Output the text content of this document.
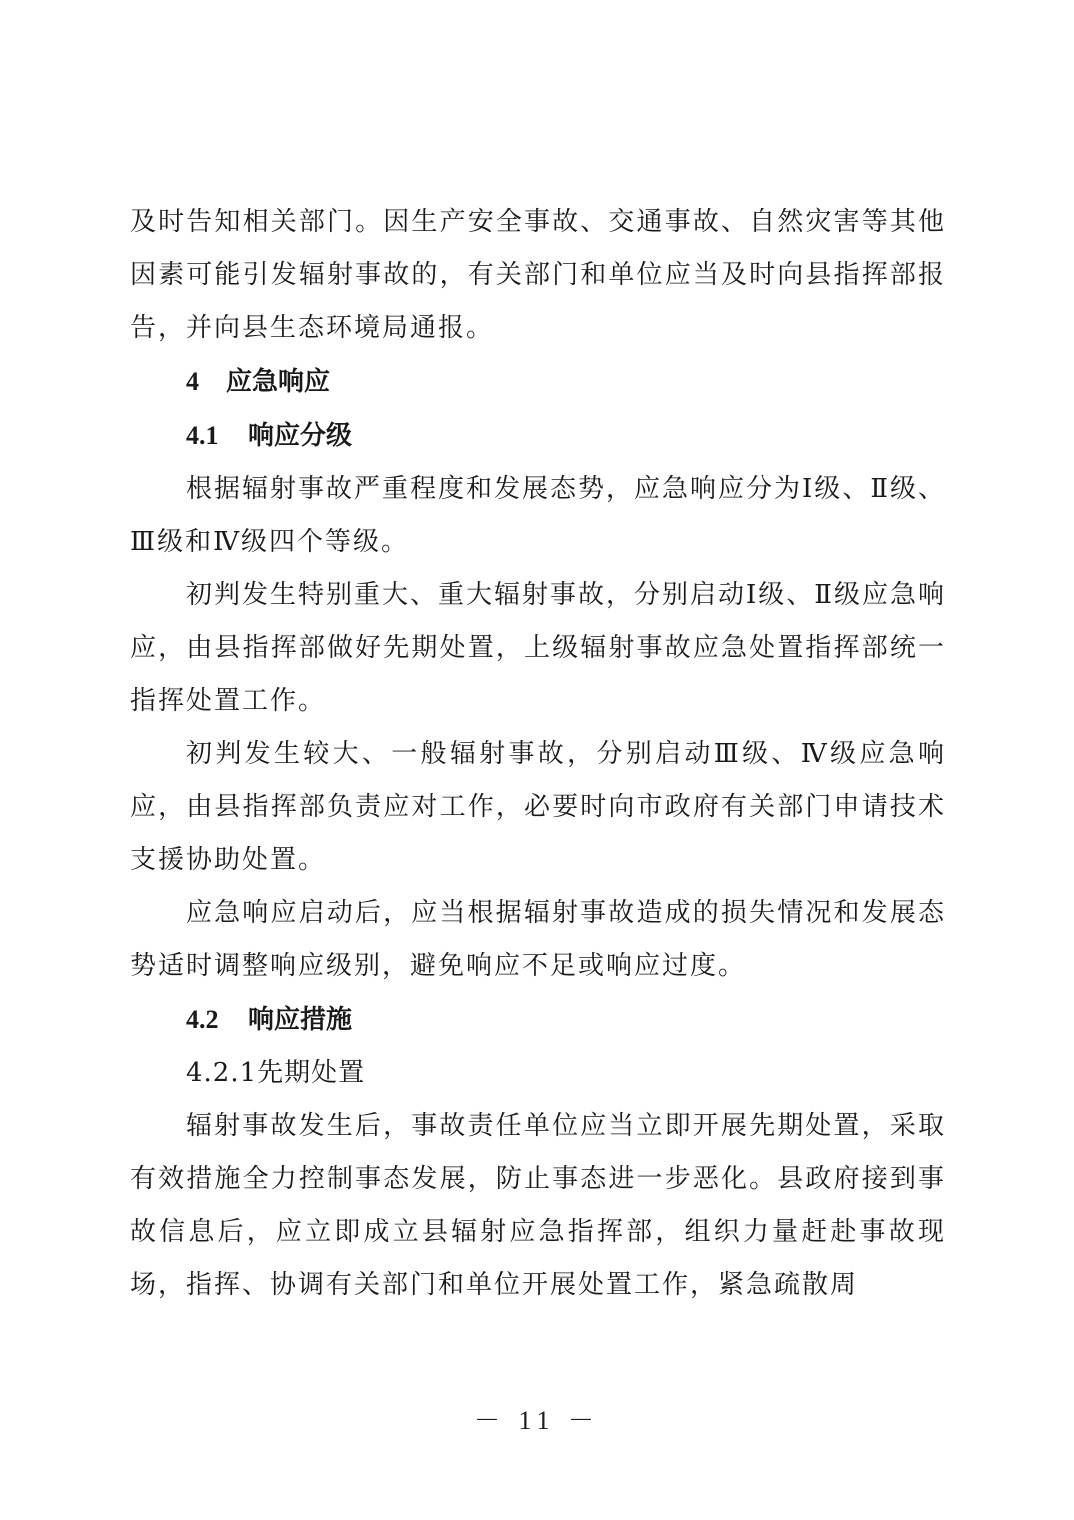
及时告知相关部门。因生产安全事故、交通事故、自然灾害等其他因素可能引发辐射事故的，有关部门和单位应当及时向县指挥部报告，并向县生态环境局通报。

4 应急响应

4.1 响应分级

根据辐射事故严重程度和发展态势，应急响应分为Ⅰ级、Ⅱ级、Ⅲ级和Ⅳ级四个等级。

初判发生特别重大、重大辐射事故，分别启动Ⅰ级、Ⅱ级应急响应，由县指挥部做好先期处置，上级辐射事故应急处置指挥部统一指挥处置工作。

初判发生较大、一般辐射事故，分别启动Ⅲ级、Ⅳ级应急响应，由县指挥部负责应对工作，必要时向市政府有关部门申请技术支援协助处置。

应急响应启动后，应当根据辐射事故造成的损失情况和发展态势适时调整响应级别，避免响应不足或响应过度。

4.2 响应措施

4.2.1先期处置

辐射事故发生后，事故责任单位应当立即开展先期处置，采取有效措施全力控制事态发展，防止事态进一步恶化。县政府接到事故信息后，应立即成立县辐射应急指挥部，组织力量赶赴事故现场，指挥、协调有关部门和单位开展处置工作，紧急疏散周

－ 11 －
